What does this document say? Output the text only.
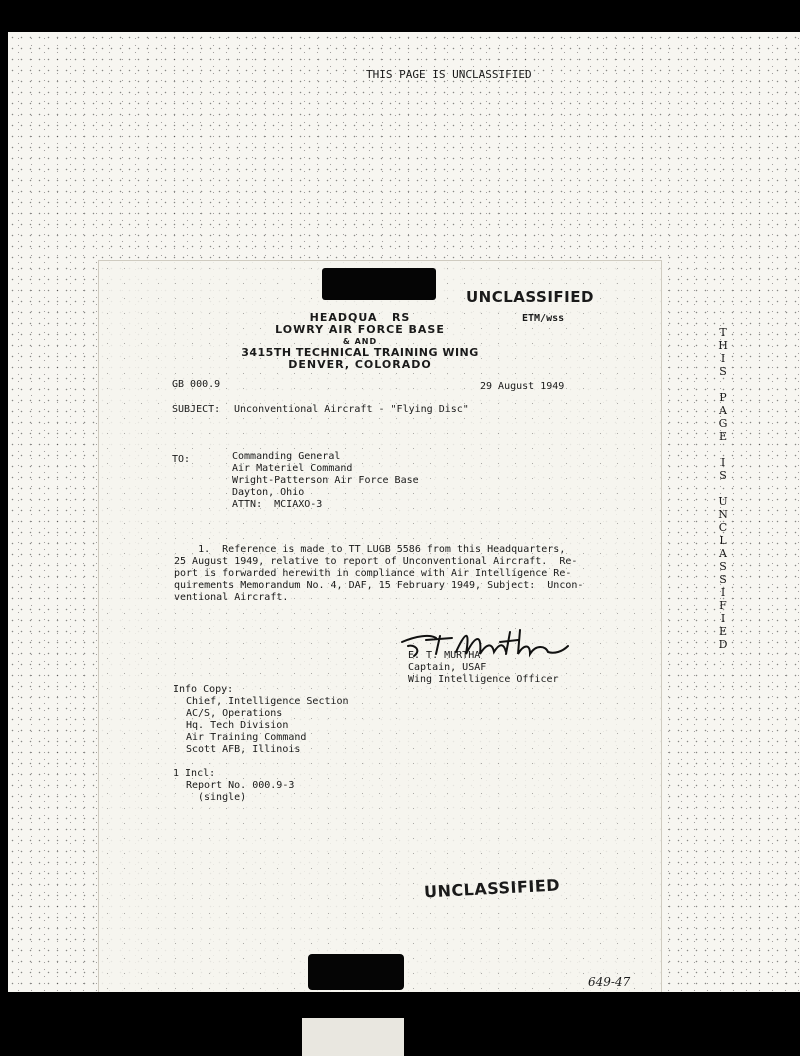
THIS PAGE IS UNCLASSIFIED
T
H
I
S
P
A
G
E
I
S
U
N
C
L
A
S
S
I
F
I
E
D
UNCLASSIFIED
ETM/wss
HEADQUA   RS
LOWRY AIR FORCE BASE
& AND
3415TH TECHNICAL TRAINING WING
DENVER, COLORADO
GB 000.9	29 August 1949
SUBJECT: Unconventional Aircraft - "Flying Disc"
TO:	Commanding General
Air Materiel Command
Wright-Patterson Air Force Base
Dayton, Ohio
ATTN:  MCIAXO-3
1.  Reference is made to TT LUGB 5586 from this Headquarters,
25 August 1949, relative to report of Unconventional Aircraft.  Re-
port is forwarded herewith in compliance with Air Intelligence Re-
quirements Memorandum No. 4, DAF, 15 February 1949, Subject:  Uncon-
ventional Aircraft.
E. T. Murtha
E. T. MURTHA
Captain, USAF
Wing Intelligence Officer
Info Copy:
Chief, Intelligence Section
AC/S, Operations
Hq. Tech Division
Air Training Command
Scott AFB, Illinois
1 Incl:
Report No. 000.9-3
(single)
UNCLASSIFIED
649-47
